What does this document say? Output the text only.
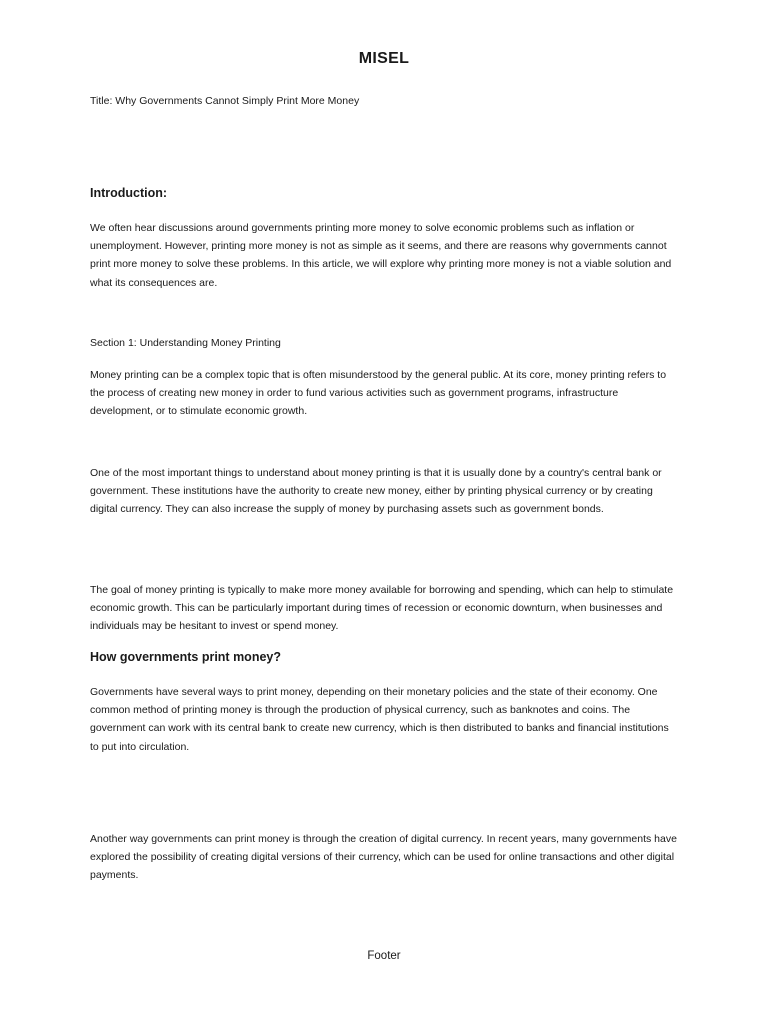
MISEL
Title: Why Governments Cannot Simply Print More Money
Introduction:
We often hear discussions around governments printing more money to solve economic problems such as inflation or unemployment. However, printing more money is not as simple as it seems, and there are reasons why governments cannot print more money to solve these problems. In this article, we will explore why printing more money is not a viable solution and what its consequences are.
Section 1: Understanding Money Printing
Money printing can be a complex topic that is often misunderstood by the general public. At its core, money printing refers to the process of creating new money in order to fund various activities such as government programs, infrastructure development, or to stimulate economic growth.
One of the most important things to understand about money printing is that it is usually done by a country's central bank or government. These institutions have the authority to create new money, either by printing physical currency or by creating digital currency. They can also increase the supply of money by purchasing assets such as government bonds.
The goal of money printing is typically to make more money available for borrowing and spending, which can help to stimulate economic growth. This can be particularly important during times of recession or economic downturn, when businesses and individuals may be hesitant to invest or spend money.
How governments print money?
Governments have several ways to print money, depending on their monetary policies and the state of their economy. One common method of printing money is through the production of physical currency, such as banknotes and coins. The government can work with its central bank to create new currency, which is then distributed to banks and financial institutions to put into circulation.
Another way governments can print money is through the creation of digital currency. In recent years, many governments have explored the possibility of creating digital versions of their currency, which can be used for online transactions and other digital payments.
Footer
